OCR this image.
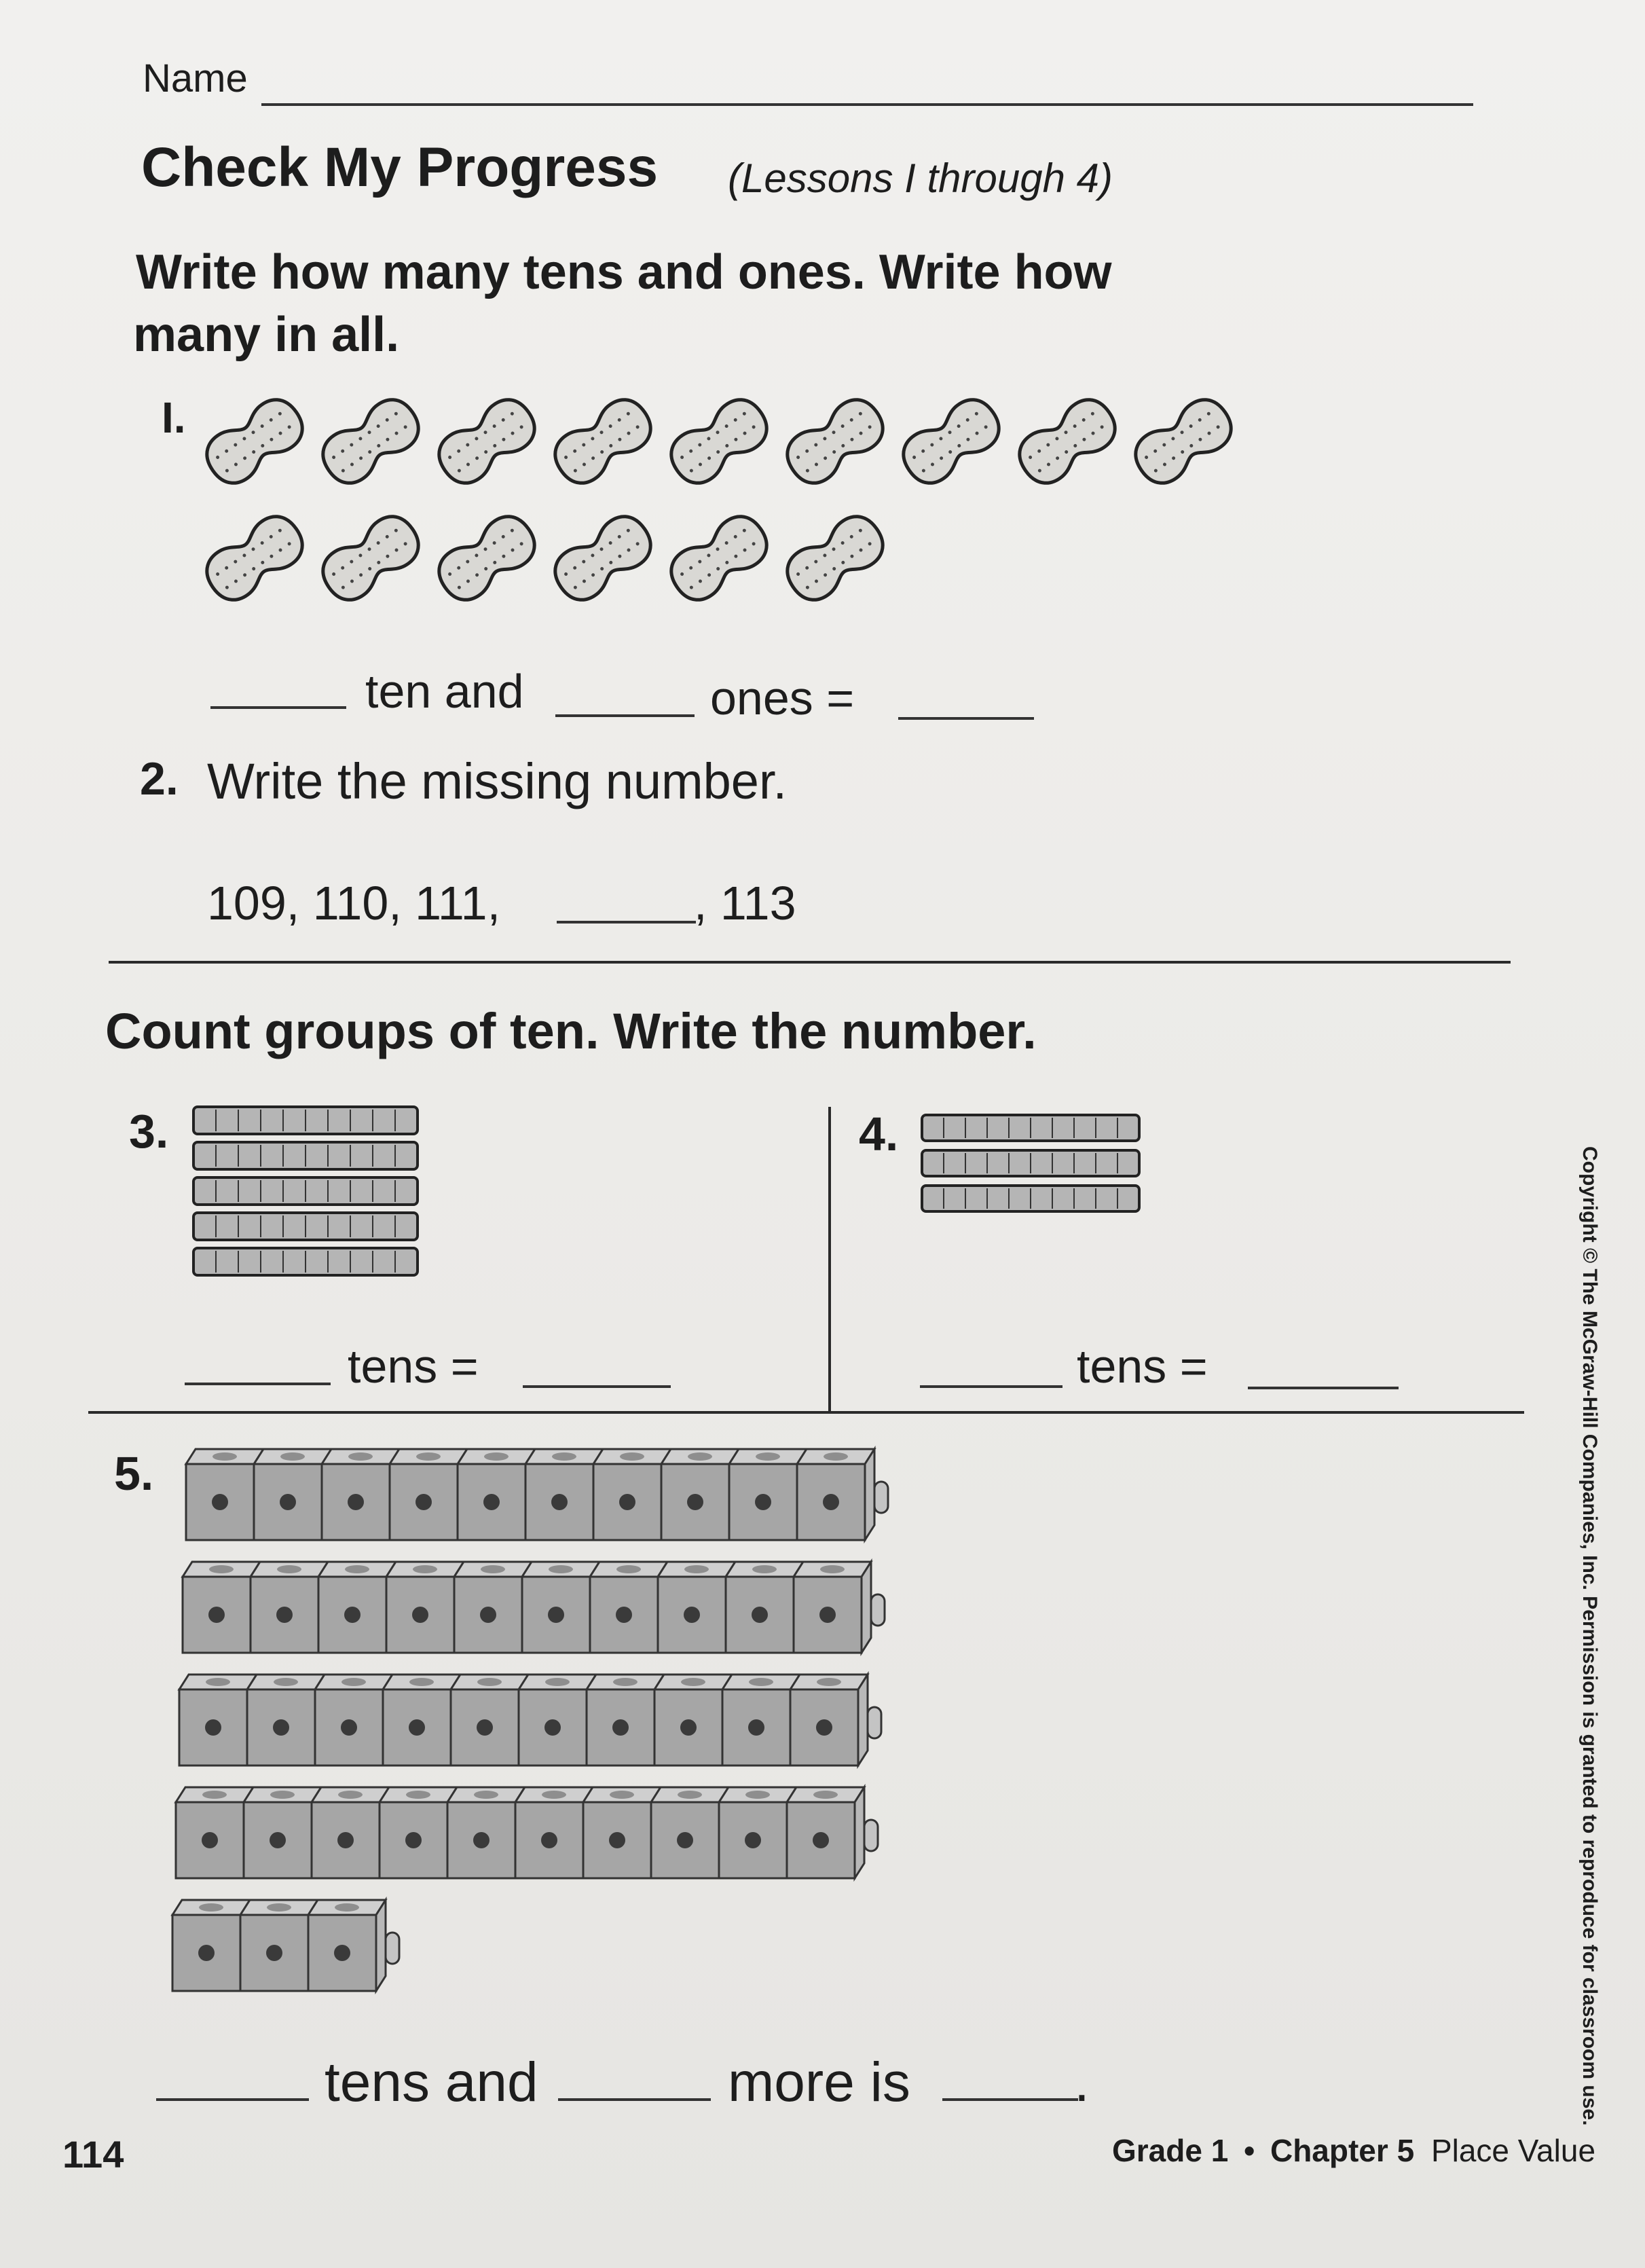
Name
Check My Progress (Lessons I through 4)
Write how many tens and ones. Write how
many in all.
I.
ten and	ones =
2. Write the missing number.
109, 110, 111,	, 113
Count groups of ten. Write the number.
3.
tens =
4.
tens =
5.
tens and	more is	.
114	Grade 1 • Chapter 5 Place Value
Copyright © The McGraw-Hill Companies, Inc. Permission is granted to reproduce for classroom use.
